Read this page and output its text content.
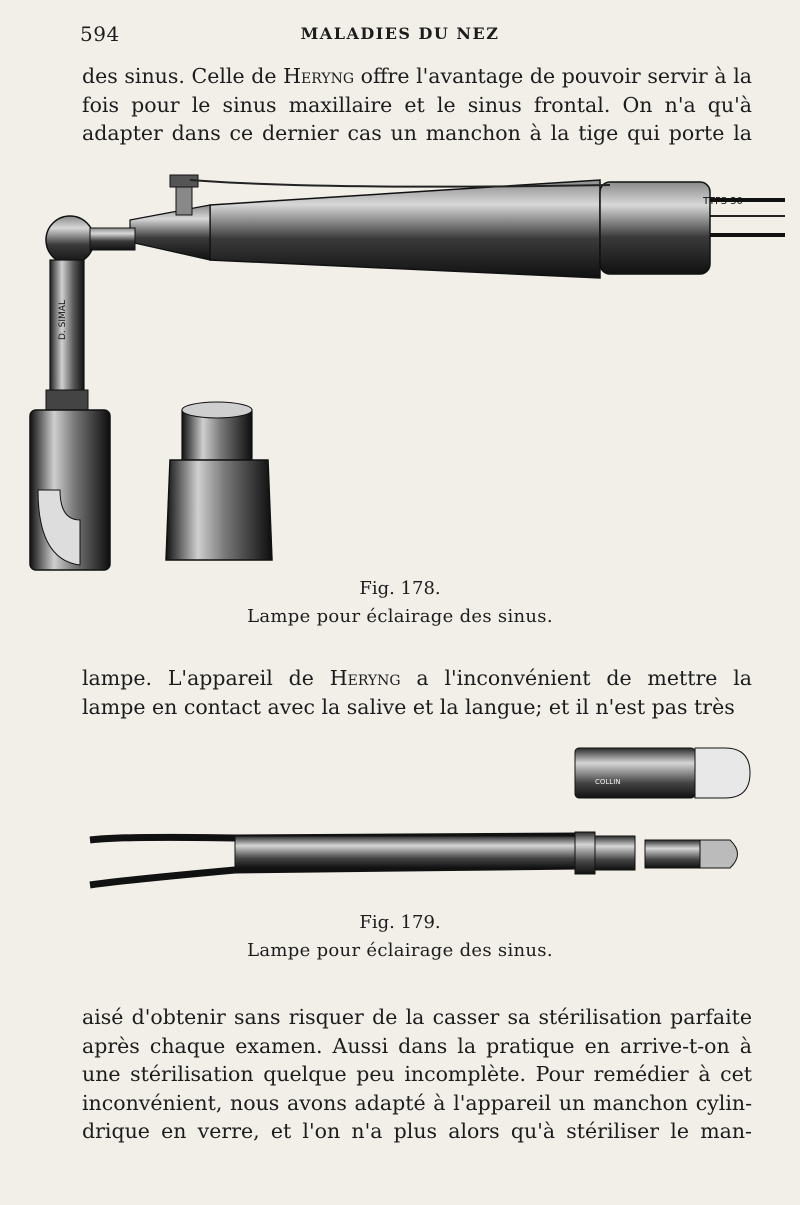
594	MALADIES DU NEZ

des sinus. Celle de Heryng offre l'avantage de pouvoir servir à la
fois pour le sinus maxillaire et le sinus frontal. On n'a qu'à
adapter dans ce dernier cas un manchon à la tige qui porte la

TTFS 30
D. SIMAL
Fig. 178.
Lampe pour éclairage des sinus.

lampe. L'appareil de Heryng a l'inconvénient de mettre la
lampe en contact avec la salive et la langue; et il n'est pas très

COLLIN
Fig. 179.
Lampe pour éclairage des sinus.

aisé d'obtenir sans risquer de la casser sa stérilisation parfaite
après chaque examen. Aussi dans la pratique en arrive-t-on à
une stérilisation quelque peu incomplète. Pour remédier à cet
inconvénient, nous avons adapté à l'appareil un manchon cylin-
drique en verre, et l'on n'a plus alors qu'à stériliser le man-
